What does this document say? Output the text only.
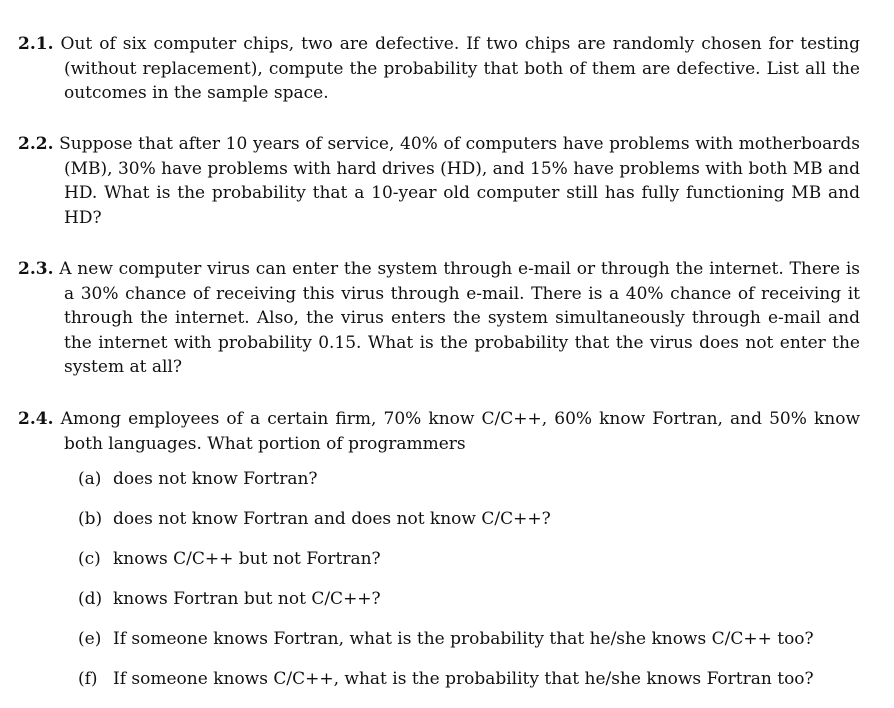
2.1. Out of six computer chips, two are defective. If two chips are randomly chosen for testing (without replacement), compute the probability that both of them are defective. List all the outcomes in the sample space.

2.2. Suppose that after 10 years of service, 40% of computers have problems with motherboards (MB), 30% have problems with hard drives (HD), and 15% have problems with both MB and HD. What is the probability that a 10-year old computer still has fully functioning MB and HD?

2.3. A new computer virus can enter the system through e-mail or through the internet. There is a 30% chance of receiving this virus through e-mail. There is a 40% chance of receiving it through the internet. Also, the virus enters the system simultaneously through e-mail and the internet with probability 0.15. What is the probability that the virus does not enter the system at all?

2.4. Among employees of a certain firm, 70% know C/C++, 60% know Fortran, and 50% know both languages. What portion of programmers

(a) does not know Fortran?
(b) does not know Fortran and does not know C/C++?
(c) knows C/C++ but not Fortran?
(d) knows Fortran but not C/C++?
(e) If someone knows Fortran, what is the probability that he/she knows C/C++ too?
(f) If someone knows C/C++, what is the probability that he/she knows Fortran too?
